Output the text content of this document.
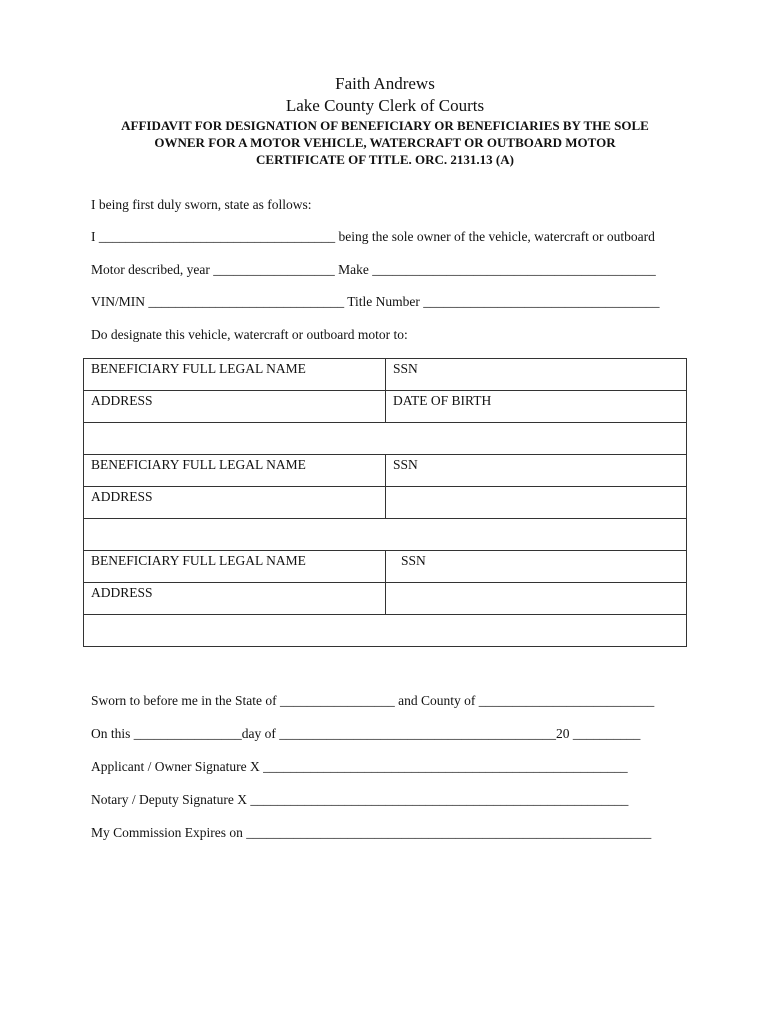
Faith Andrews
Lake County Clerk of Courts
AFFIDAVIT FOR DESIGNATION OF BENEFICIARY OR BENEFICIARIES BY THE SOLE
OWNER FOR A MOTOR VEHICLE, WATERCRAFT OR OUTBOARD MOTOR
CERTIFICATE OF TITLE. ORC. 2131.13 (A)
I being first duly sworn, state as follows:
I ___________________________________ being the sole owner of the vehicle, watercraft or outboard
Motor described, year __________________ Make __________________________________________
VIN/MIN _____________________________ Title Number ___________________________________
Do designate this vehicle, watercraft or outboard motor to:
BENEFICIARY FULL LEGAL NAME	SSN
ADDRESS	DATE OF BIRTH

BENEFICIARY FULL LEGAL NAME	SSN
ADDRESS	

BENEFICIARY FULL LEGAL NAME	SSN
ADDRESS	

Sworn to before me in the State of _________________ and County of __________________________
On this ________________day of _________________________________________20 __________
Applicant / Owner Signature X ______________________________________________________
Notary / Deputy Signature X ________________________________________________________
My Commission Expires on ____________________________________________________________
